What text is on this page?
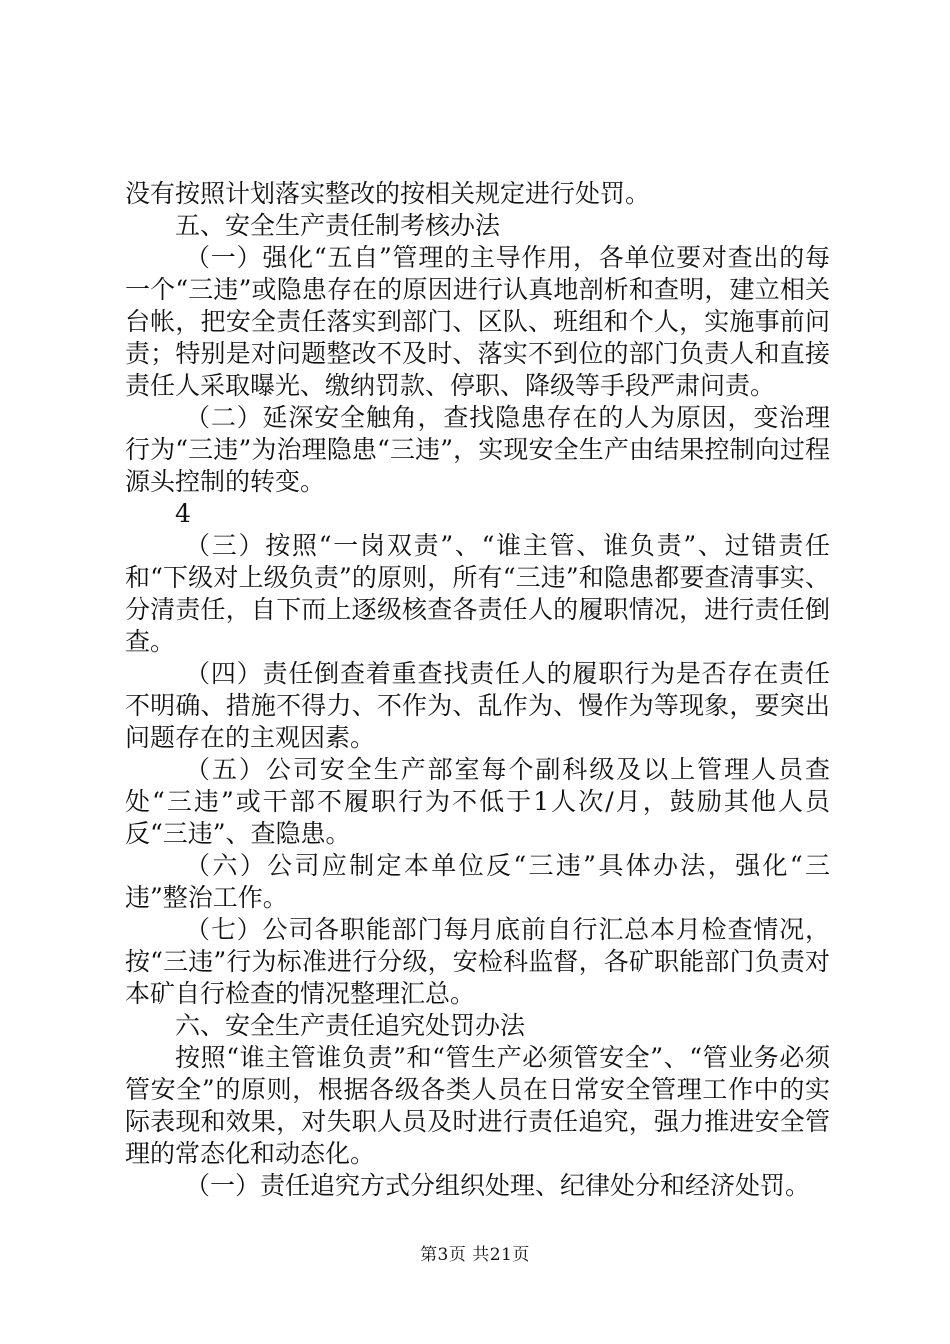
没有按照计划落实整改的按相关规定进行处罚。

五、安全生产责任制考核办法

（一）强化“五自”管理的主导作用，各单位要对查出的每一个“三违”或隐患存在的原因进行认真地剖析和查明，建立相关台帐，把安全责任落实到部门、区队、班组和个人，实施事前问责；特别是对问题整改不及时、落实不到位的部门负责人和直接责任人采取曝光、缴纳罚款、停职、降级等手段严肃问责。

（二）延深安全触角，查找隐患存在的人为原因，变治理行为“三违”为治理隐患“三违”，实现安全生产由结果控制向过程源头控制的转变。

4

（三）按照“一岗双责”、“谁主管、谁负责”、过错责任和“下级对上级负责”的原则，所有“三违”和隐患都要查清事实、分清责任，自下而上逐级核查各责任人的履职情况，进行责任倒查。

（四）责任倒查着重查找责任人的履职行为是否存在责任不明确、措施不得力、不作为、乱作为、慢作为等现象，要突出问题存在的主观因素。

（五）公司安全生产部室每个副科级及以上管理人员查处“三违”或干部不履职行为不低于1人次/月，鼓励其他人员反“三违”、查隐患。

（六）公司应制定本单位反“三违”具体办法，强化“三违”整治工作。

（七）公司各职能部门每月底前自行汇总本月检查情况，按“三违”行为标准进行分级，安检科监督，各矿职能部门负责对本矿自行检查的情况整理汇总。

六、安全生产责任追究处罚办法

按照“谁主管谁负责”和“管生产必须管安全”、“管业务必须管安全”的原则，根据各级各类人员在日常安全管理工作中的实际表现和效果，对失职人员及时进行责任追究，强力推进安全管理的常态化和动态化。

（一）责任追究方式分组织处理、纪律处分和经济处罚。

第3页 共21页
